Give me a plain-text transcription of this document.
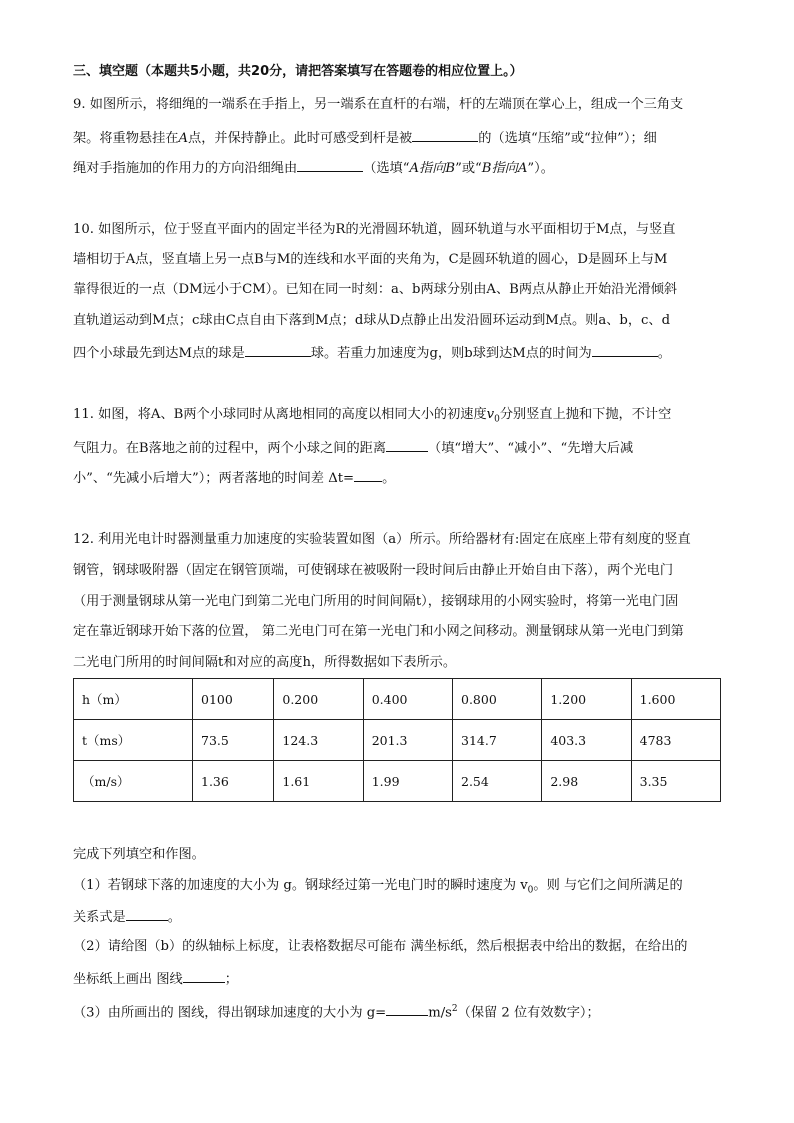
三、填空题（本题共5小题，共20分，请把答案填写在答题卷的相应位置上。）
9. 如图所示，将细绳的一端系在手指上，另一端系在直杆的右端，杆的左端顶在掌心上，组成一个三角支
架。将重物悬挂在A点，并保持静止。此时可感受到杆是被	的（选填“压缩”或“拉伸”）；细
绳对手指施加的作用力的方向沿细绳由	（选填“A指向B”或“B指向A”）。
10. 如图所示，位于竖直平面内的固定半径为R的光滑圆环轨道，圆环轨道与水平面相切于M点，与竖直
墙相切于A点，竖直墙上另一点B与M的连线和水平面的夹角为，C是圆环轨道的圆心，D是圆环上与M
靠得很近的一点（DM远小于CM）。已知在同一时刻：a、b两球分别由A、B两点从静止开始沿光滑倾斜
直轨道运动到M点；c球由C点自由下落到M点；d球从D点静止出发沿圆环运动到M点。则a、b，c、d
四个小球最先到达M点的球是	球。若重力加速度为g，则b球到达M点的时间为	。
11. 如图，将A、B两个小球同时从离地相同的高度以相同大小的初速度$v_0$分别竖直上抛和下抛，不计空
气阻力。在B落地之前的过程中，两个小球之间的距离	（填“增大”、“减小”、“先增大后减
小”、“先减小后增大”）；两者落地的时间差 Δt= 。
12. 利用光电计时器测量重力加速度的实验装置如图（a）所示。所给器材有:固定在底座上带有刻度的竖直
钢管，钢球吸附器（固定在钢管顶端，可使钢球在被吸附一段时间后由静止开始自由下落），两个光电门
（用于测量钢球从第一光电门到第二光电门所用的时间间隔t），接钢球用的小网实验时，将第一光电门固
定在靠近钢球开始下落的位置， 第二光电门可在第一光电门和小网之间移动。测量钢球从第一光电门到第
二光电门所用的时间间隔t和对应的高度h，所得数据如下表所示。
h（m）	0100	0.200	0.400	0.800	1.200	1.600
t（ms）	73.5	124.3	201.3	314.7	403.3	4783
（m/s）	1.36	1.61	1.99	2.54	2.98	3.35
完成下列填空和作图。
（1）若钢球下落的加速度的大小为 g。钢球经过第一光电门时的瞬时速度为 $v_0$。则 与它们之间所满足的
关系式是	。
（2）请给图（b）的纵轴标上标度，让表格数据尽可能布 满坐标纸，然后根据表中给出的数据，在给出的
坐标纸上画出 图线	；
（3）由所画出的 图线，得出钢球加速度的大小为 g=	$m/s^2$（保留 2 位有效数字）；
